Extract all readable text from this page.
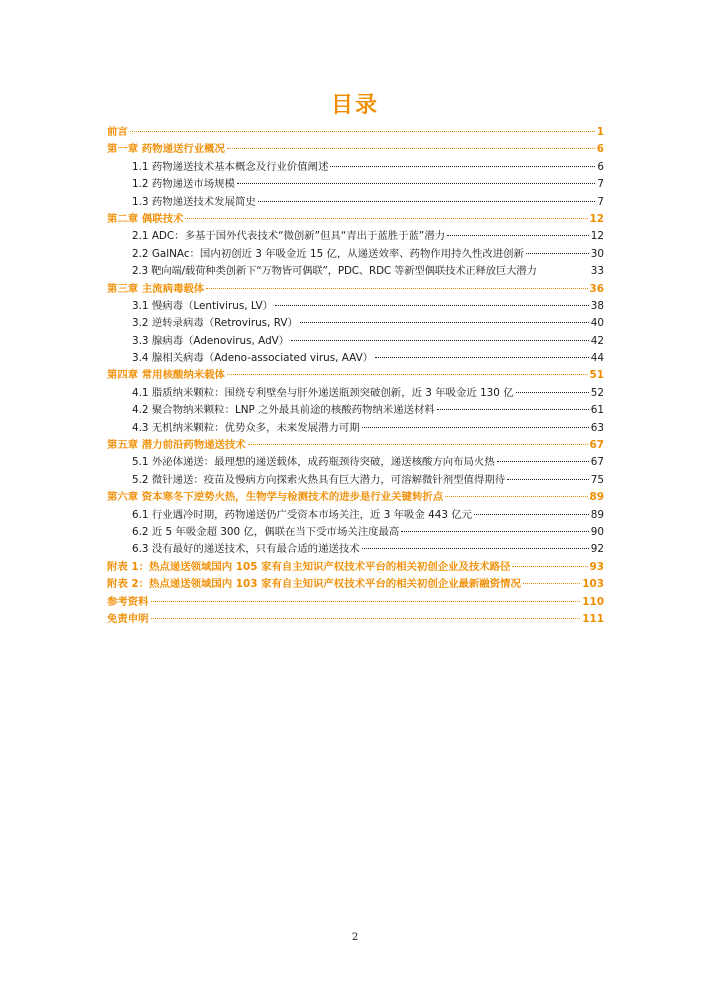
目录
前言	1
第一章 药物递送行业概况	6
1.1 药物递送技术基本概念及行业价值阐述	6
1.2 药物递送市场规模	7
1.3 药物递送技术发展简史	7
第二章 偶联技术	12
2.1 ADC：多基于国外代表技术“微创新”但具“青出于蓝胜于蓝”潜力	12
2.2 GalNAc：国内初创近 3 年吸金近 15 亿，从递送效率、药物作用持久性改进创新	30
2.3 靶向端/载荷种类创新下“万物皆可偶联”，PDC、RDC 等新型偶联技术正释放巨大潜力	33
第三章 主流病毒载体	36
3.1 慢病毒（Lentivirus, LV）	38
3.2 逆转录病毒（Retrovirus, RV）	40
3.3 腺病毒（Adenovirus, AdV）	42
3.4 腺相关病毒（Adeno-associated virus, AAV）	44
第四章 常用核酸纳米载体	51
4.1 脂质纳米颗粒：围绕专利壁垒与肝外递送瓶颈突破创新，近 3 年吸金近 130 亿	52
4.2 聚合物纳米颗粒：LNP 之外最具前途的核酸药物纳米递送材料	61
4.3 无机纳米颗粒：优势众多，未来发展潜力可期	63
第五章 潜力前沿药物递送技术	67
5.1 外泌体递送：最理想的递送载体，成药瓶颈待突破，递送核酸方向布局火热	67
5.2 微针递送：疫苗及慢病方向探索火热具有巨大潜力，可溶解微针剂型值得期待	75
第六章 资本寒冬下逆势火热，生物学与检测技术的进步是行业关键转折点	89
6.1 行业遇冷时期，药物递送仍广受资本市场关注，近 3 年吸金 443 亿元	89
6.2 近 5 年吸金超 300 亿，偶联在当下受市场关注度最高	90
6.3 没有最好的递送技术，只有最合适的递送技术	92
附表 1：热点递送领域国内 105 家有自主知识产权技术平台的相关初创企业及技术路径	93
附表 2：热点递送领域国内 103 家有自主知识产权技术平台的相关初创企业最新融资情况	103
参考资料	110
免责申明	111
2
